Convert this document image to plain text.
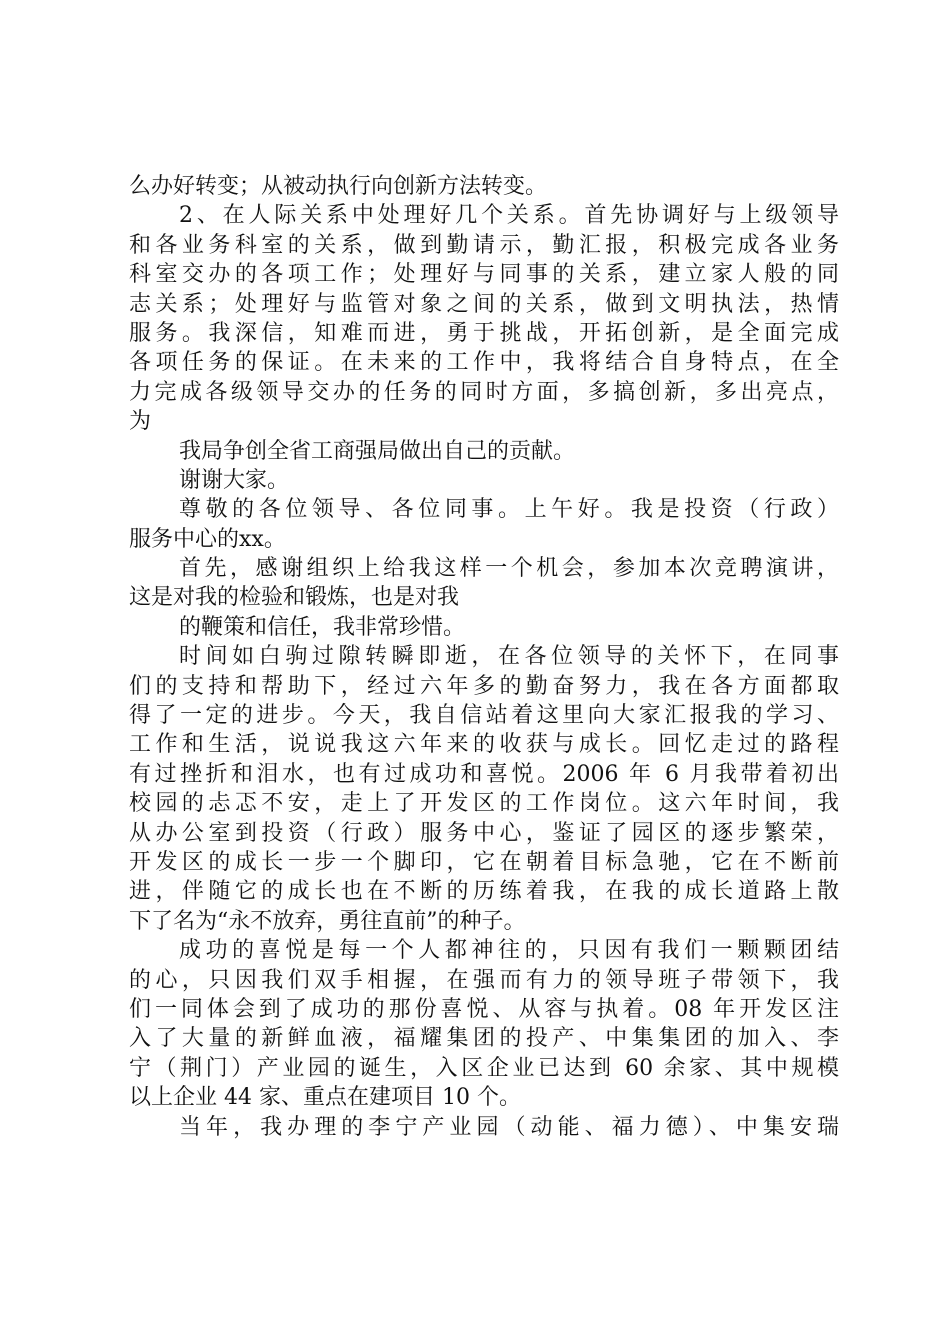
么办好转变；从被动执行向创新方法转变。
2、在人际关系中处理好几个关系。首先协调好与上级领导
和各业务科室的关系，做到勤请示，勤汇报，积极完成各业务
科室交办的各项工作；处理好与同事的关系，建立家人般的同
志关系；处理好与监管对象之间的关系，做到文明执法，热情
服务。我深信，知难而进，勇于挑战，开拓创新，是全面完成
各项任务的保证。在未来的工作中，我将结合自身特点，在全
力完成各级领导交办的任务的同时方面，多搞创新，多出亮点，
为
我局争创全省工商强局做出自己的贡献。
谢谢大家。
尊敬的各位领导、各位同事。上午好。我是投资（行政）
服务中心的xx。
首先，感谢组织上给我这样一个机会，参加本次竞聘演讲，
这是对我的检验和锻炼，也是对我
的鞭策和信任，我非常珍惜。
时间如白驹过隙转瞬即逝，在各位领导的关怀下，在同事
们的支持和帮助下，经过六年多的勤奋努力，我在各方面都取
得了一定的进步。今天，我自信站着这里向大家汇报我的学习、
工作和生活，说说我这六年来的收获与成长。回忆走过的路程
有过挫折和泪水，也有过成功和喜悦。2006 年 6 月我带着初出
校园的忐忑不安，走上了开发区的工作岗位。这六年时间，我
从办公室到投资（行政）服务中心，鉴证了园区的逐步繁荣，
开发区的成长一步一个脚印，它在朝着目标急驰，它在不断前
进，伴随它的成长也在不断的历练着我，在我的成长道路上散
下了名为“永不放弃，勇往直前”的种子。
成功的喜悦是每一个人都神往的，只因有我们一颗颗团结
的心，只因我们双手相握，在强而有力的领导班子带领下，我
们一同体会到了成功的那份喜悦、从容与执着。08 年开发区注
入了大量的新鲜血液，福耀集团的投产、中集集团的加入、李
宁（荆门）产业园的诞生，入区企业已达到 60 余家、其中规模
以上企业 44 家、重点在建项目 10 个。
当年，我办理的李宁产业园（动能、福力德）、中集安瑞
